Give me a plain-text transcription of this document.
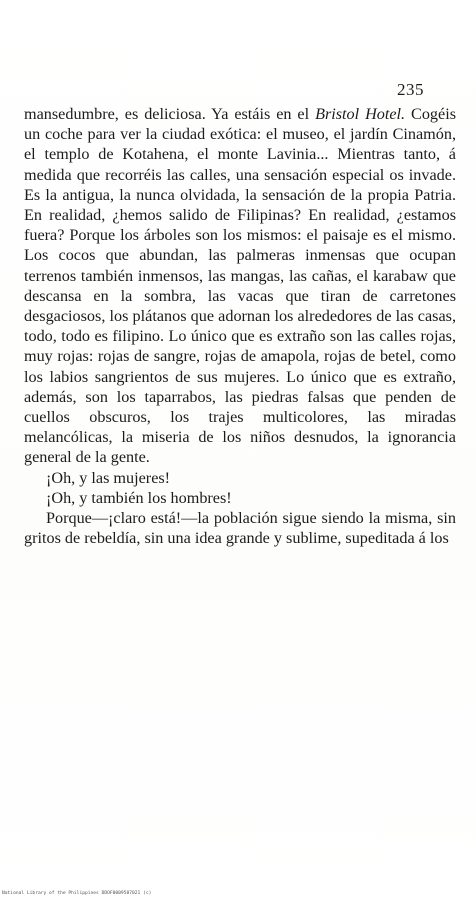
235

mansedumbre, es deliciosa. Ya estáis en el Bristol Hotel. Cogéis un coche para ver la ciudad exótica: el museo, el jardín Cinamón, el templo de Kotahena, el monte Lavinia... Mientras tanto, á medida que recorréis las calles, una sensación especial os invade. Es la antigua, la nunca olvidada, la sensación de la propia Patria. En realidad, ¿hemos salido de Filipinas? En realidad, ¿estamos fuera? Porque los árboles son los mismos: el paisaje es el mismo. Los cocos que abundan, las palmeras inmensas que ocupan terrenos también inmensos, las mangas, las cañas, el karabaw que descansa en la sombra, las vacas que tiran de carretones desgaciosos, los plátanos que adornan los alrededores de las casas, todo, todo es filipino. Lo único que es extraño son las calles rojas, muy rojas: rojas de sangre, rojas de amapola, rojas de betel, como los labios sangrientos de sus mujeres. Lo único que es extraño, además, son los taparrabos, las piedras falsas que penden de cuellos obscuros, los trajes multicolores, las miradas melancólicas, la miseria de los niños desnudos, la ignorancia general de la gente.

¡Oh, y las mujeres!

¡Oh, y también los hombres!

Porque—¡claro está!—la población sigue siendo la misma, sin gritos de rebeldía, sin una idea grande y sublime, supeditada á los

National Library of the Philippines DDOF0009587021 (c)
